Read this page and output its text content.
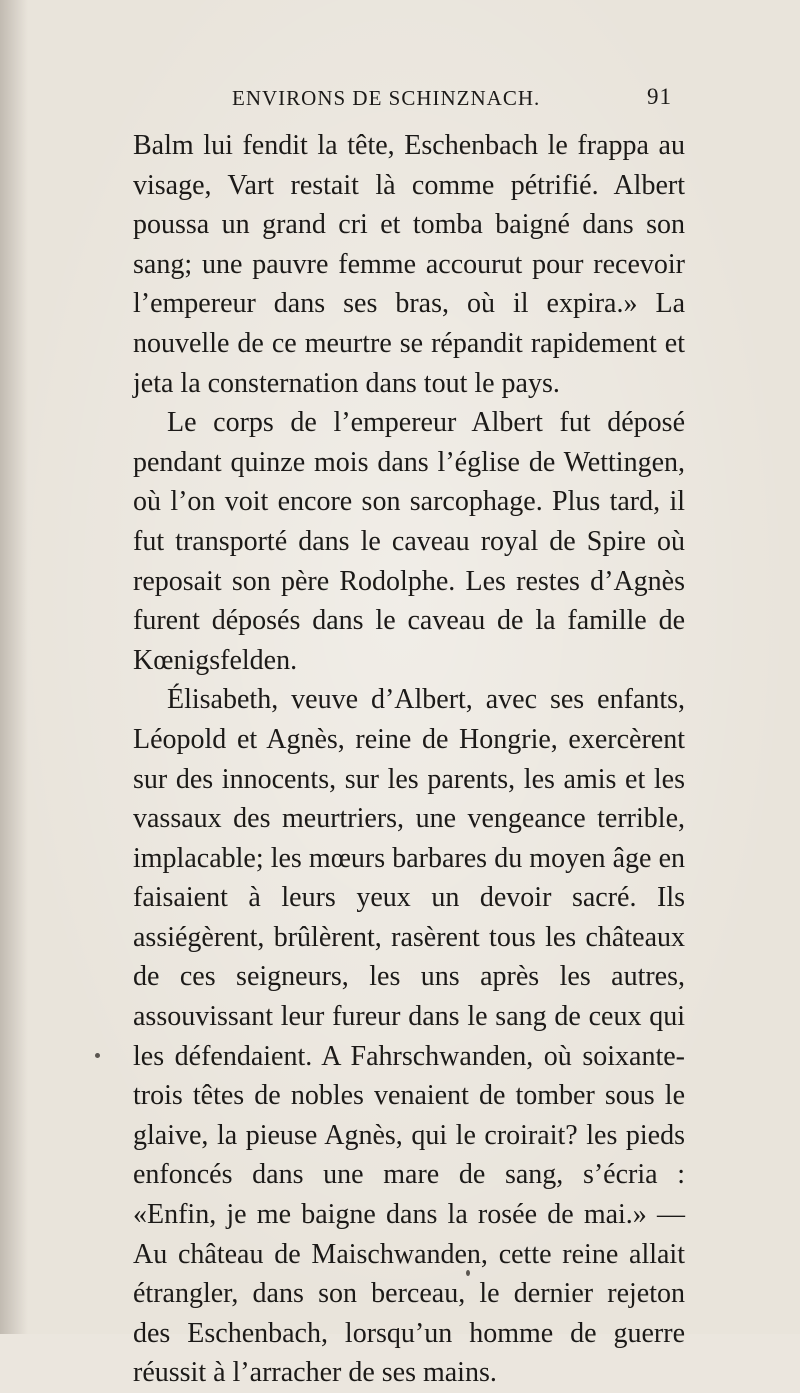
ENVIRONS DE SCHINZNACH.	91

Balm lui fendit la tête, Eschenbach le frappa au visage, Vart restait là comme pétrifié. Albert poussa un grand cri et tomba baigné dans son sang; une pauvre femme accourut pour recevoir l’empereur dans ses bras, où il expira.» La nouvelle de ce meurtre se répandit rapidement et jeta la consternation dans tout le pays.

Le corps de l’empereur Albert fut déposé pendant quinze mois dans l’église de Wettingen, où l’on voit encore son sarcophage. Plus tard, il fut transporté dans le caveau royal de Spire où reposait son père Rodolphe. Les restes d’Agnès furent déposés dans le caveau de la famille de Kœnigsfelden.

Élisabeth, veuve d’Albert, avec ses enfants, Léopold et Agnès, reine de Hongrie, exercèrent sur des innocents, sur les parents, les amis et les vassaux des meurtriers, une vengeance terrible, implacable; les mœurs barbares du moyen âge en faisaient à leurs yeux un devoir sacré. Ils assiégèrent, brûlèrent, rasèrent tous les châteaux de ces seigneurs, les uns après les autres, assouvissant leur fureur dans le sang de ceux qui les défendaient. A Fahrschwanden, où soixante-trois têtes de nobles venaient de tomber sous le glaive, la pieuse Agnès, qui le croirait? les pieds enfoncés dans une mare de sang, s’écria : «Enfin, je me baigne dans la rosée de mai.» — Au château de Maischwanden, cette reine allait étrangler, dans son berceau, le dernier rejeton des Eschenbach, lorsqu’un homme de guerre réussit à l’arracher de ses mains.
